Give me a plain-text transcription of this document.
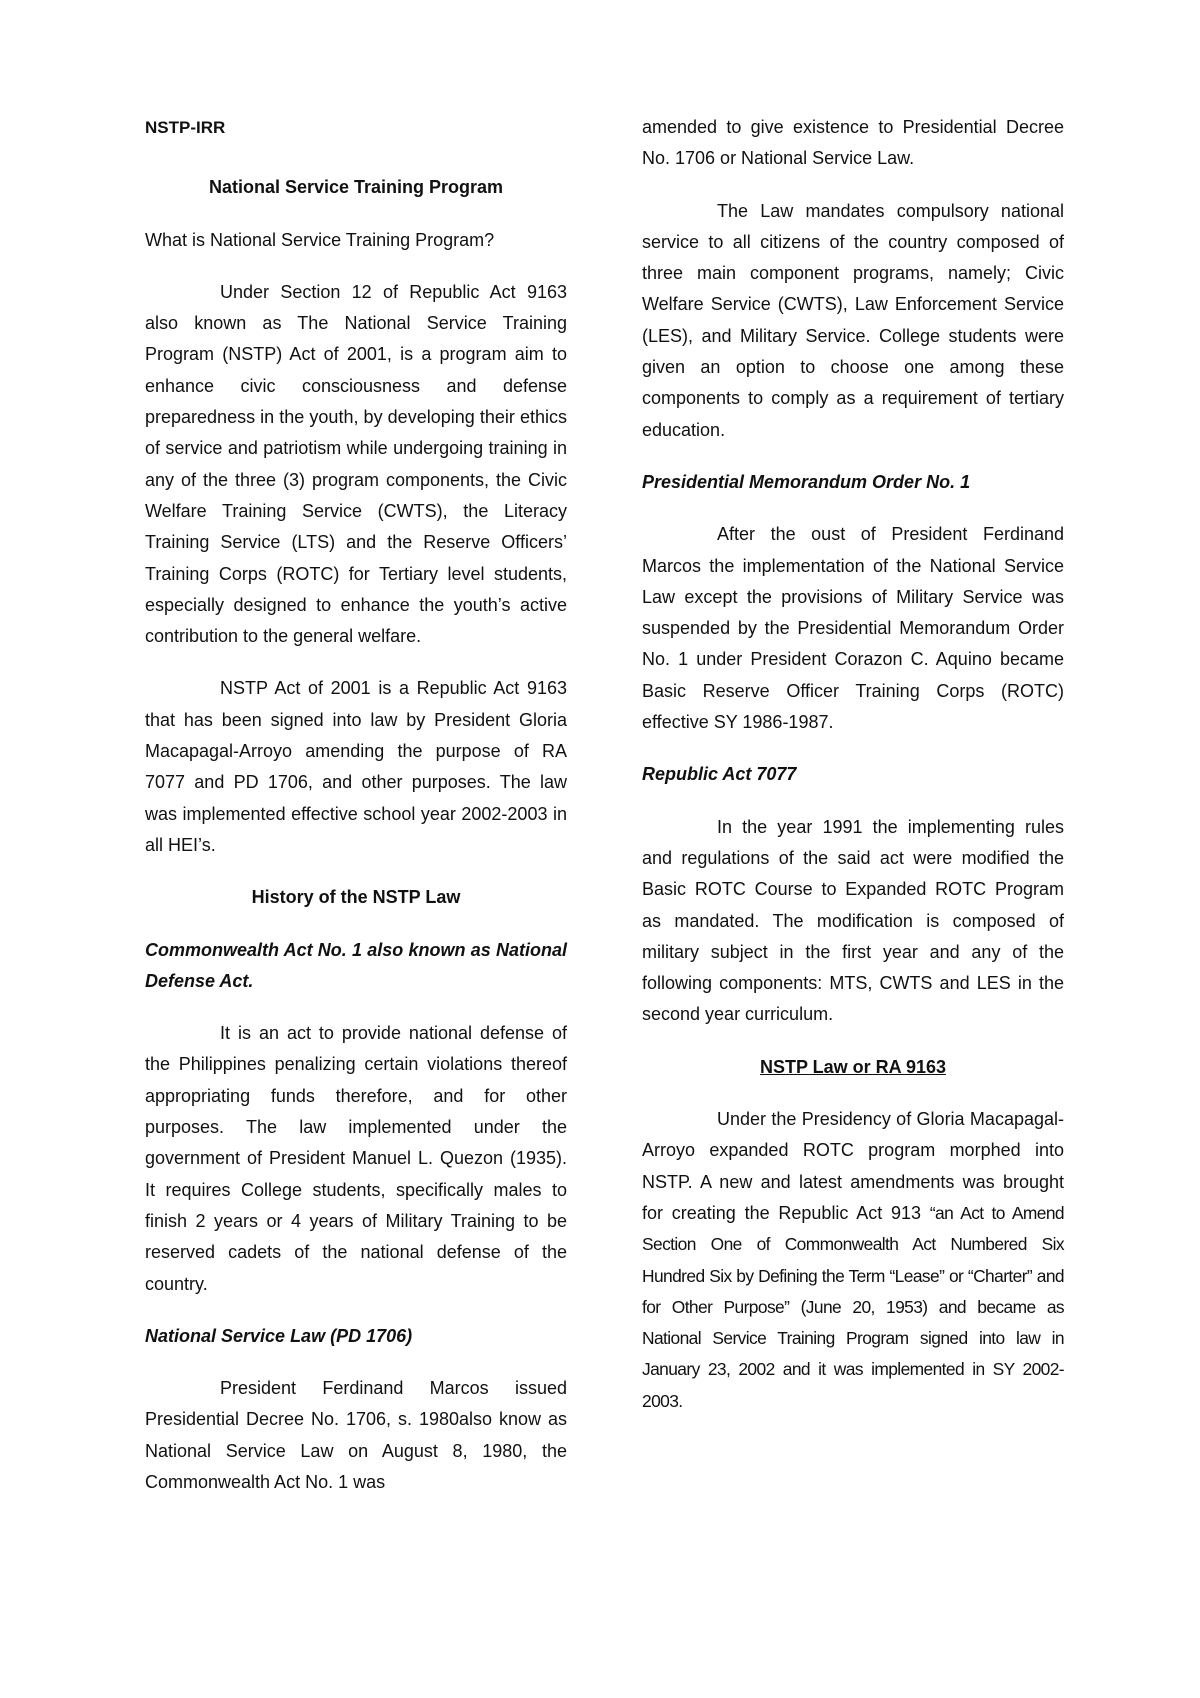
NSTP-IRR

National Service Training Program

What is National Service Training Program?

Under Section 12 of Republic Act 9163 also known as The National Service Training Program (NSTP) Act of 2001, is a program aim to enhance civic consciousness and defense preparedness in the youth, by developing their ethics of service and patriotism while undergoing training in any of the three (3) program components, the Civic Welfare Training Service (CWTS), the Literacy Training Service (LTS) and the Reserve Officers’ Training Corps (ROTC) for Tertiary level students, especially designed to enhance the youth’s active contribution to the general welfare.

NSTP Act of 2001 is a Republic Act 9163 that has been signed into law by President Gloria Macapagal-Arroyo amending the purpose of RA 7077 and PD 1706, and other purposes. The law was implemented effective school year 2002-2003 in all HEI’s.

History of the NSTP Law

Commonwealth Act No. 1 also known as National Defense Act.

It is an act to provide national defense of the Philippines penalizing certain violations thereof appropriating funds therefore, and for other purposes. The law implemented under the government of President Manuel L. Quezon (1935). It requires College students, specifically males to finish 2 years or 4 years of Military Training to be reserved cadets of the national defense of the country.

National Service Law (PD 1706)

President Ferdinand Marcos issued Presidential Decree No. 1706, s. 1980also know as National Service Law on August 8, 1980, the Commonwealth Act No. 1 was

amended to give existence to Presidential Decree No. 1706 or National Service Law.

The Law mandates compulsory national service to all citizens of the country composed of three main component programs, namely; Civic Welfare Service (CWTS), Law Enforcement Service (LES), and Military Service. College students were given an option to choose one among these components to comply as a requirement of tertiary education.

Presidential Memorandum Order No. 1

After the oust of President Ferdinand Marcos the implementation of the National Service Law except the provisions of Military Service was suspended by the Presidential Memorandum Order No. 1 under President Corazon C. Aquino became Basic Reserve Officer Training Corps (ROTC) effective SY 1986-1987.

Republic Act 7077

In the year 1991 the implementing rules and regulations of the said act were modified the Basic ROTC Course to Expanded ROTC Program as mandated. The modification is composed of military subject in the first year and any of the following components: MTS, CWTS and LES in the second year curriculum.

NSTP Law or RA 9163

Under the Presidency of Gloria Macapagal-Arroyo expanded ROTC program morphed into NSTP. A new and latest amendments was brought for creating the Republic Act 913 “an Act to Amend Section One of Commonwealth Act Numbered Six Hundred Six by Defining the Term “Lease” or “Charter” and for Other Purpose” (June 20, 1953) and became as National Service Training Program signed into law in January 23, 2002 and it was implemented in SY 2002-2003.
